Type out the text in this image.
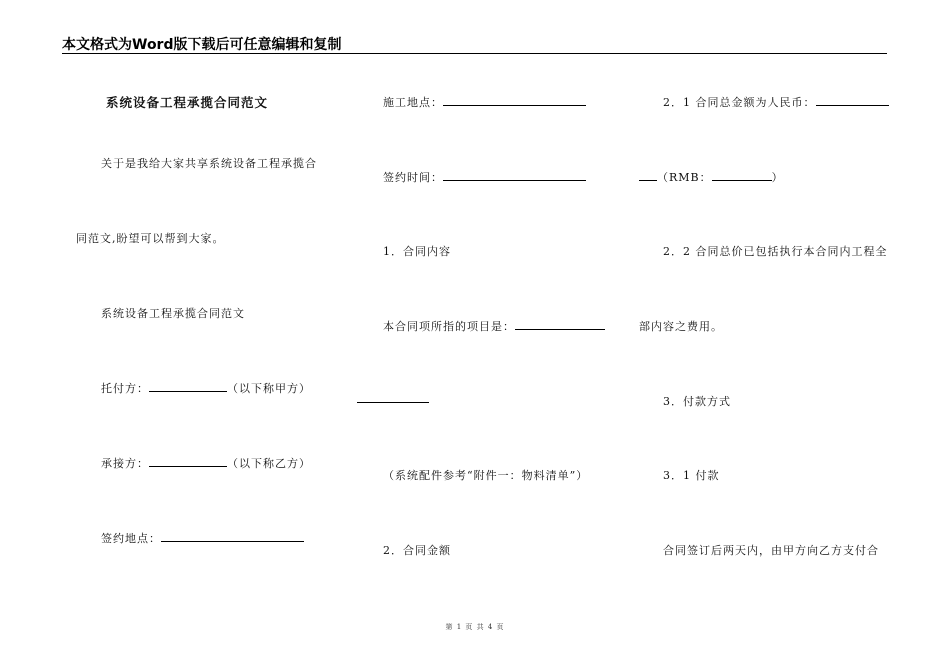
本文格式为Word版下载后可任意编辑和复制
系统设备工程承揽合同范文
关于是我给大家共享系统设备工程承揽合
同范文,盼望可以帮到大家。
系统设备工程承揽合同范文
托付方：	（以下称甲方）
承接方：	（以下称乙方）
签约地点：
施工地点：
签约时间：
1．合同内容
本合同项所指的项目是：
（系统配件参考“附件一：物料清单”）
2．合同金额
2．1 合同总金额为人民币：
（RMB：	）
2．2 合同总价已包括执行本合同内工程全
部内容之费用。
3．付款方式
3．1 付款
合同签订后两天内，由甲方向乙方支付合
第 1 页 共 4 页
